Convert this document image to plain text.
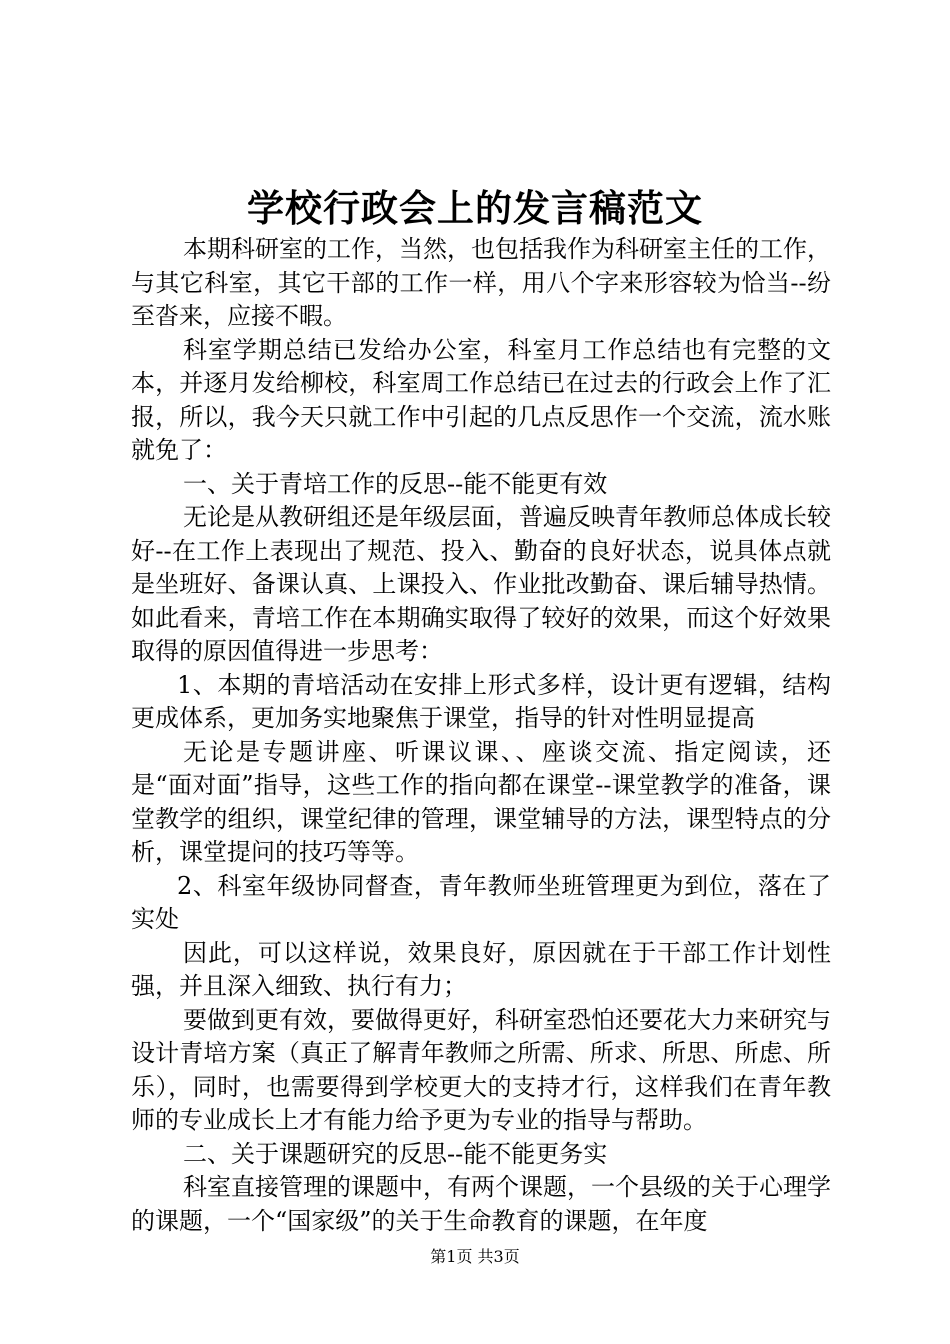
学校行政会上的发言稿范文

本期科研室的工作，当然，也包括我作为科研室主任的工作，与其它科室，其它干部的工作一样，用八个字来形容较为恰当--纷至沓来，应接不暇。

科室学期总结已发给办公室，科室月工作总结也有完整的文本，并逐月发给柳校，科室周工作总结已在过去的行政会上作了汇报，所以，我今天只就工作中引起的几点反思作一个交流，流水账就免了：

一、关于青培工作的反思--能不能更有效

无论是从教研组还是年级层面，普遍反映青年教师总体成长较好--在工作上表现出了规范、投入、勤奋的良好状态，说具体点就是坐班好、备课认真、上课投入、作业批改勤奋、课后辅导热情。如此看来，青培工作在本期确实取得了较好的效果，而这个好效果取得的原因值得进一步思考：

1、本期的青培活动在安排上形式多样，设计更有逻辑，结构更成体系，更加务实地聚焦于课堂，指导的针对性明显提高

无论是专题讲座、听课议课、、座谈交流、指定阅读，还是“面对面”指导，这些工作的指向都在课堂--课堂教学的准备，课堂教学的组织，课堂纪律的管理，课堂辅导的方法，课型特点的分析，课堂提问的技巧等等。

2、科室年级协同督查，青年教师坐班管理更为到位，落在了实处

因此，可以这样说，效果良好，原因就在于干部工作计划性强，并且深入细致、执行有力；

要做到更有效，要做得更好，科研室恐怕还要花大力来研究与设计青培方案（真正了解青年教师之所需、所求、所思、所虑、所乐），同时，也需要得到学校更大的支持才行，这样我们在青年教师的专业成长上才有能力给予更为专业的指导与帮助。

二、关于课题研究的反思--能不能更务实

科室直接管理的课题中，有两个课题，一个县级的关于心理学的课题，一个“国家级”的关于生命教育的课题，在年度

第1页 共3页
